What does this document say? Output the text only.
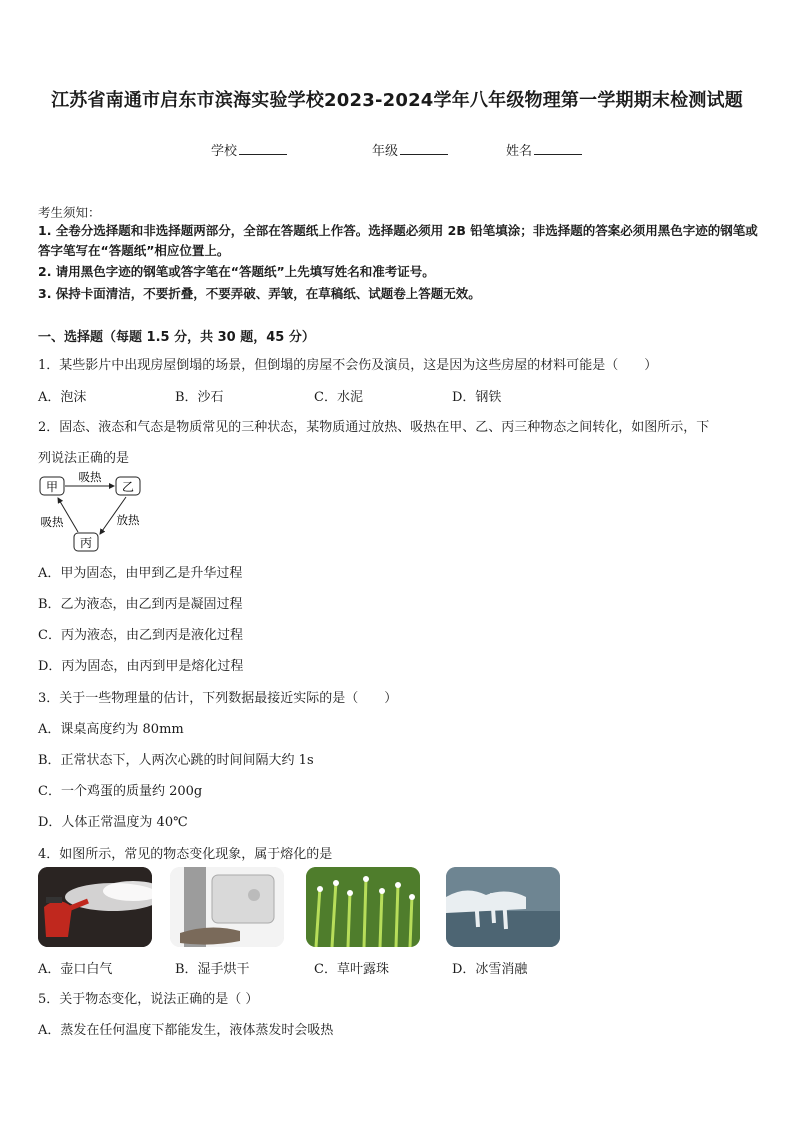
江苏省南通市启东市滨海实验学校2023-2024学年八年级物理第一学期期末检测试题
学校	年级	姓名
考生须知：
1. 全卷分选择题和非选择题两部分，全部在答题纸上作答。选择题必须用 2B 铅笔填涂；非选择题的答案必须用黑色字迹的钢笔或答字笔写在“答题纸”相应位置上。
2. 请用黑色字迹的钢笔或答字笔在“答题纸”上先填写姓名和准考证号。
3. 保持卡面清洁，不要折叠，不要弄破、弄皱，在草稿纸、试题卷上答题无效。
一、选择题（每题 1.5 分，共 30 题，45 分）
1．某些影片中出现房屋倒塌的场景，但倒塌的房屋不会伤及演员，这是因为这些房屋的材料可能是（　　）
A．泡沫	B．沙石	C．水泥	D．钢铁
2．固态、液态和气态是物质常见的三种状态，某物质通过放热、吸热在甲、乙、丙三种物态之间转化，如图所示，下
列说法正确的是
甲	乙
丙
吸热
放热
吸热
A．甲为固态，由甲到乙是升华过程
B．乙为液态，由乙到丙是凝固过程
C．丙为液态，由乙到丙是液化过程
D．丙为固态，由丙到甲是熔化过程
3．关于一些物理量的估计，下列数据最接近实际的是（　　）
A．课桌高度约为 80mm
B．正常状态下，人两次心跳的时间间隔大约 1s
C．一个鸡蛋的质量约 200g
D．人体正常温度为 40℃
4．如图所示，常见的物态变化现象，属于熔化的是
A．壶口白气	B．湿手烘干	C．草叶露珠	D．冰雪消融
5．关于物态变化，说法正确的是（ ）
A．蒸发在任何温度下都能发生，液体蒸发时会吸热
